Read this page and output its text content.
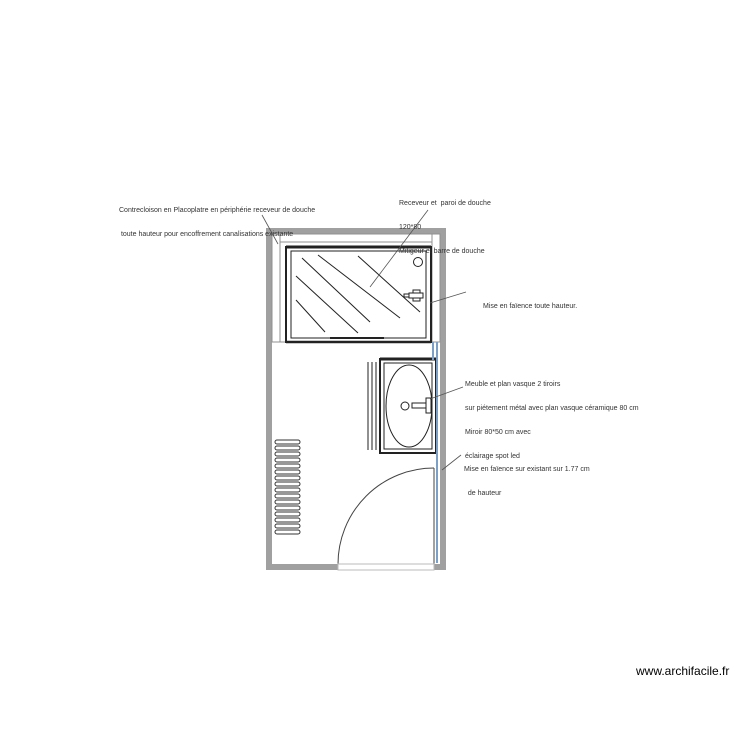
Contrecloison en Placoplatre en périphérie receveur de douche

toute hauteur pour encoffrement canalisations existante

Receveur et  paroi de douche

120*80

Mitigeur et barre de douche

Mise en faïence toute hauteur.

Meuble et plan vasque 2 tiroirs

sur piétement métal avec plan vasque céramique 80 cm

Miroir 80*50 cm avec

éclairage spot led

Mise en faïence sur existant sur 1.77 cm

de hauteur

www.archifacile.fr
